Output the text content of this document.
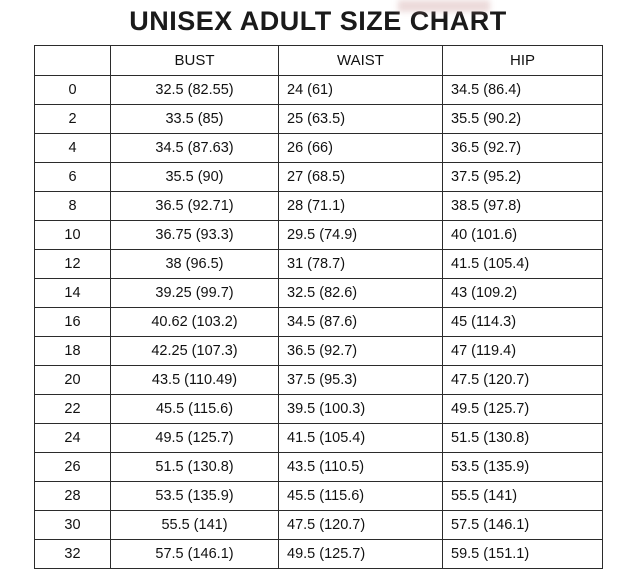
UNISEX ADULT SIZE CHART
	BUST	WAIST	HIP
0	32.5 (82.55)	24 (61)	34.5 (86.4)
2	33.5 (85)	25 (63.5)	35.5 (90.2)
4	34.5 (87.63)	26 (66)	36.5 (92.7)
6	35.5 (90)	27 (68.5)	37.5 (95.2)
8	36.5 (92.71)	28 (71.1)	38.5 (97.8)
10	36.75 (93.3)	29.5 (74.9)	40 (101.6)
12	38 (96.5)	31 (78.7)	41.5 (105.4)
14	39.25 (99.7)	32.5 (82.6)	43 (109.2)
16	40.62 (103.2)	34.5 (87.6)	45 (114.3)
18	42.25 (107.3)	36.5 (92.7)	47 (119.4)
20	43.5 (110.49)	37.5 (95.3)	47.5 (120.7)
22	45.5 (115.6)	39.5 (100.3)	49.5 (125.7)
24	49.5 (125.7)	41.5 (105.4)	51.5 (130.8)
26	51.5 (130.8)	43.5 (110.5)	53.5 (135.9)
28	53.5 (135.9)	45.5 (115.6)	55.5 (141)
30	55.5 (141)	47.5 (120.7)	57.5 (146.1)
32	57.5 (146.1)	49.5 (125.7)	59.5 (151.1)
